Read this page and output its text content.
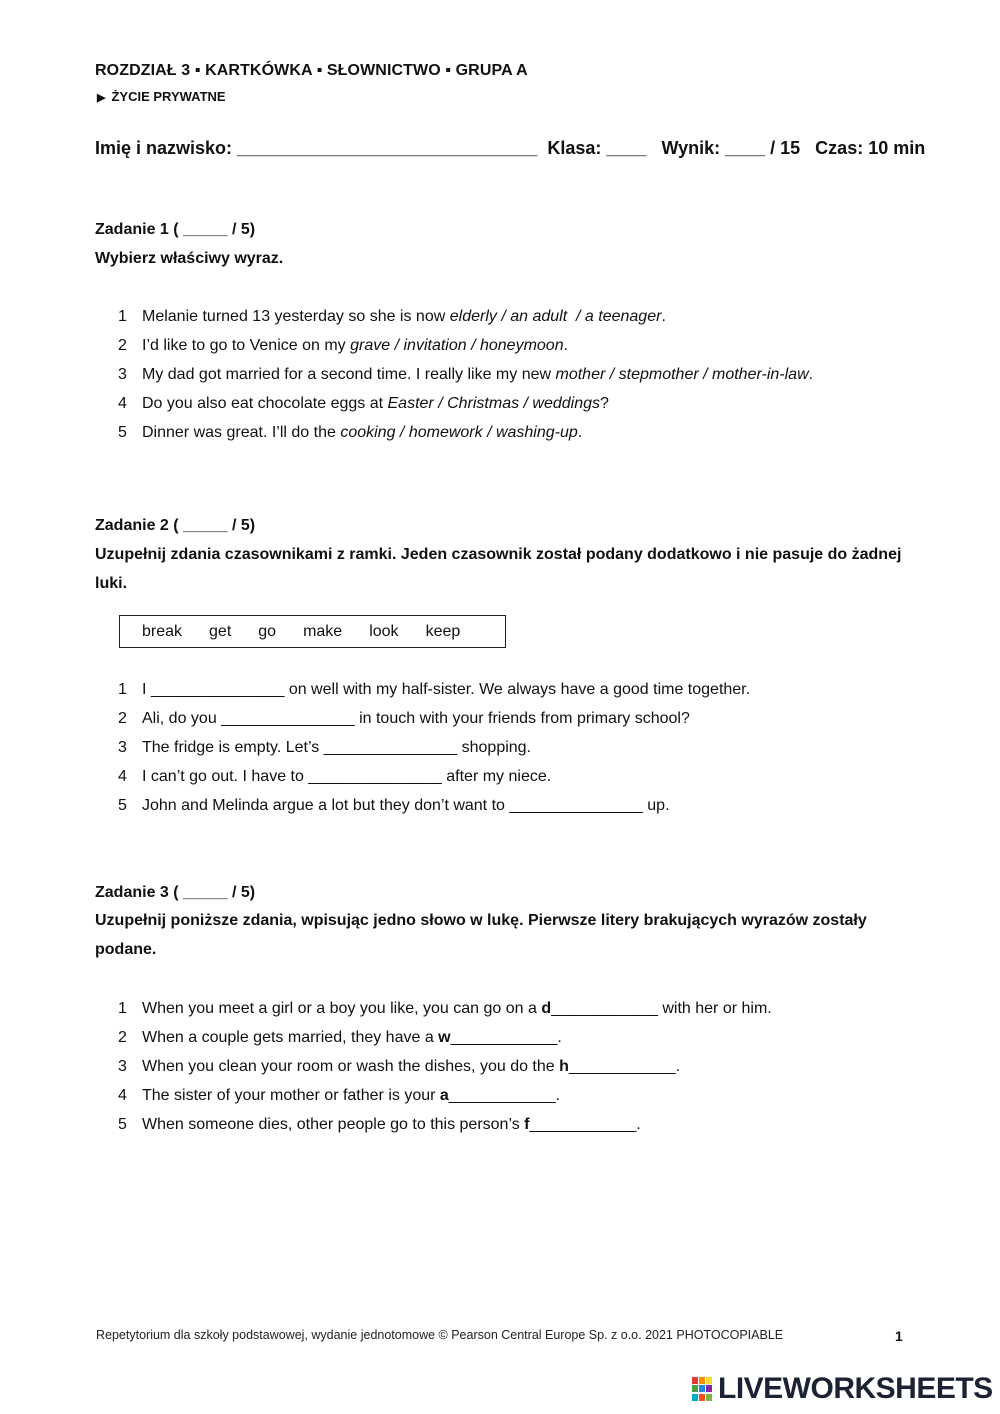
ROZDZIAŁ 3 ▪ KARTKÓWKA ▪ SŁOWNICTWO ▪ GRUPA A
▶ ŻYCIE PRYWATNE
Imię i nazwisko: ______________________________  Klasa: ____   Wynik: ____ / 15   Czas: 10 min
Zadanie 1 ( _____ / 5)
Wybierz właściwy wyraz.
1 Melanie turned 13 yesterday so she is now elderly / an adult  / a teenager.
2 I’d like to go to Venice on my grave / invitation / honeymoon.
3 My dad got married for a second time. I really like my new mother / stepmother / mother-in-law.
4 Do you also eat chocolate eggs at Easter / Christmas / weddings?
5 Dinner was great. I’ll do the cooking / homework / washing-up.
Zadanie 2 ( _____ / 5)
Uzupełnij zdania czasownikami z ramki. Jeden czasownik został podany dodatkowo i nie pasuje do żadnej luki.
break get go make look keep
1 I _______________ on well with my half-sister. We always have a good time together.
2 Ali, do you _______________ in touch with your friends from primary school?
3 The fridge is empty. Let’s _______________ shopping.
4 I can’t go out. I have to _______________ after my niece.
5 John and Melinda argue a lot but they don’t want to _______________ up.
Zadanie 3 ( _____ / 5)
Uzupełnij poniższe zdania, wpisując jedno słowo w lukę. Pierwsze litery brakujących wyrazów zostały podane.
1 When you meet a girl or a boy you like, you can go on a d____________ with her or him.
2 When a couple gets married, they have a w____________.
3 When you clean your room or wash the dishes, you do the h____________.
4 The sister of your mother or father is your a____________.
5 When someone dies, other people go to this person’s f____________.
Repetytorium dla szkoły podstawowej, wydanie jednotomowe © Pearson Central Europe Sp. z o.o. 2021 PHOTOCOPIABLE	1
LIVEWORKSHEETS
